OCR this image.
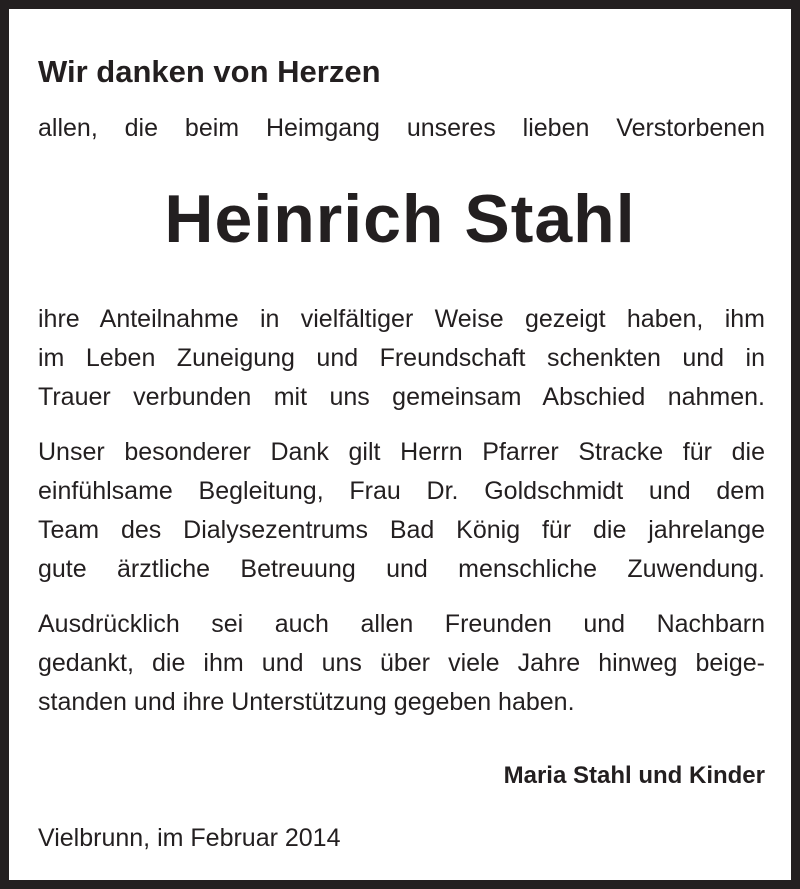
Wir danken von Herzen
allen, die beim Heimgang unseres lieben Verstorbenen
Heinrich Stahl
ihre Anteilnahme in vielfältiger Weise gezeigt haben, ihm
im Leben Zuneigung und Freundschaft schenkten und in
Trauer verbunden mit uns gemeinsam Abschied nahmen.
Unser besonderer Dank gilt Herrn Pfarrer Stracke für die
einfühlsame Begleitung, Frau Dr. Goldschmidt und dem
Team des Dialysezentrums Bad König für die jahrelange
gute ärztliche Betreuung und menschliche Zuwendung.
Ausdrücklich sei auch allen Freunden und Nachbarn
gedankt, die ihm und uns über viele Jahre hinweg beige-
standen und ihre Unterstützung gegeben haben.
Maria Stahl und Kinder
Vielbrunn, im Februar 2014
